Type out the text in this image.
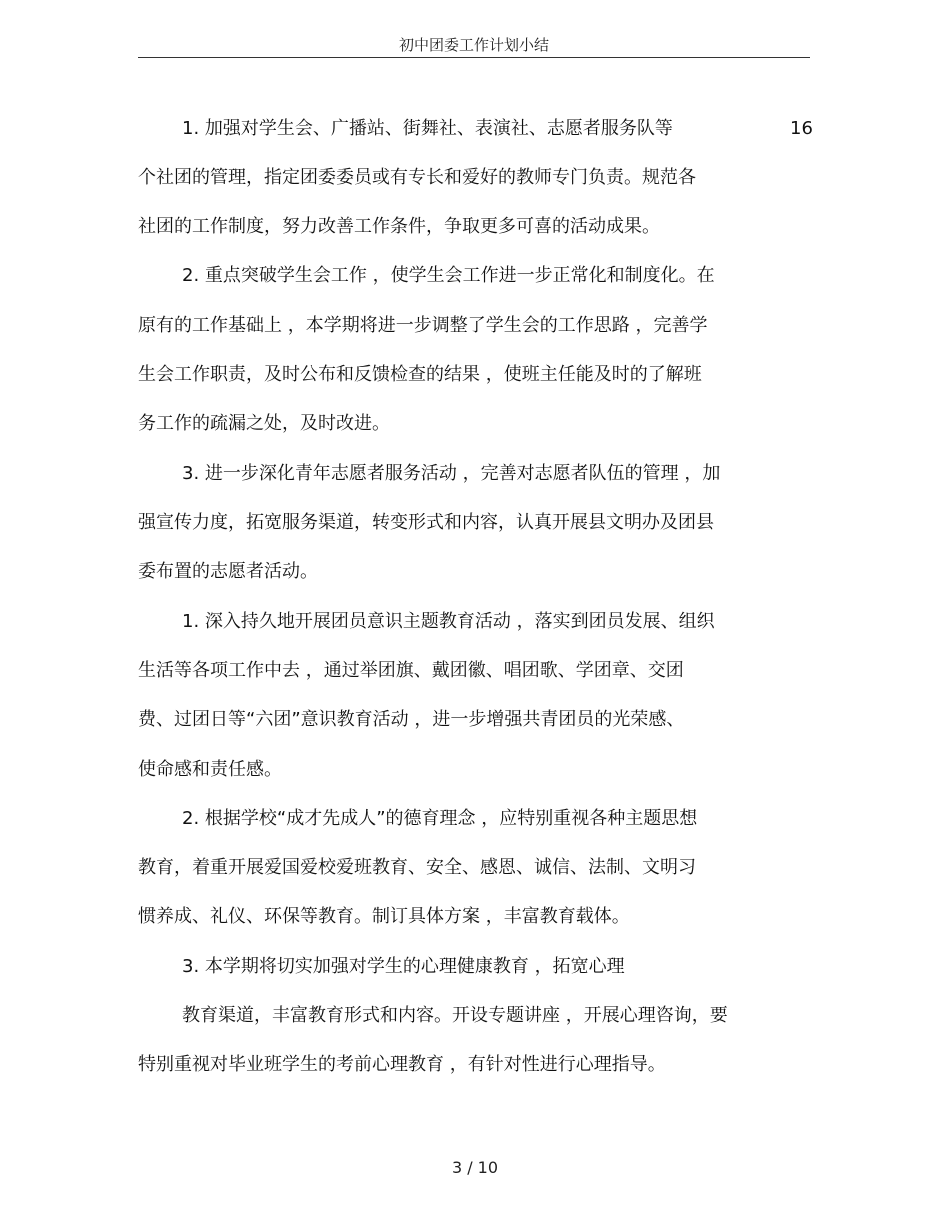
初中团委工作计划小结
1. 加强对学生会、广播站、街舞社、表演社、志愿者服务队等	16
个社团的管理，指定团委委员或有专长和爱好的教师专门负责。规范各
社团的工作制度，努力改善工作条件，争取更多可喜的活动成果。
2. 重点突破学生会工作 ，使学生会工作进一步正常化和制度化。在
原有的工作基础上 ，本学期将进一步调整了学生会的工作思路 ，完善学
生会工作职责，及时公布和反馈检查的结果 ，使班主任能及时的了解班
务工作的疏漏之处，及时改进。
3. 进一步深化青年志愿者服务活动 ，完善对志愿者队伍的管理 ，加
强宣传力度，拓宽服务渠道，转变形式和内容，认真开展县文明办及团县
委布置的志愿者活动。
1. 深入持久地开展团员意识主题教育活动 ，落实到团员发展、组织
生活等各项工作中去 ，通过举团旗、戴团徽、唱团歌、学团章、交团
费、过团日等“六团”意识教育活动 ，进一步增强共青团员的光荣感、
使命感和责任感。
2. 根据学校“成才先成人”的德育理念 ，应特别重视各种主题思想
教育，着重开展爱国爱校爱班教育、安全、感恩、诚信、法制、文明习
惯养成、礼仪、环保等教育。制订具体方案 ，丰富教育载体。
3. 本学期将切实加强对学生的心理健康教育 ，拓宽心理
教育渠道，丰富教育形式和内容。开设专题讲座 ，开展心理咨询，要
特别重视对毕业班学生的考前心理教育 ，有针对性进行心理指导。
3 / 10
